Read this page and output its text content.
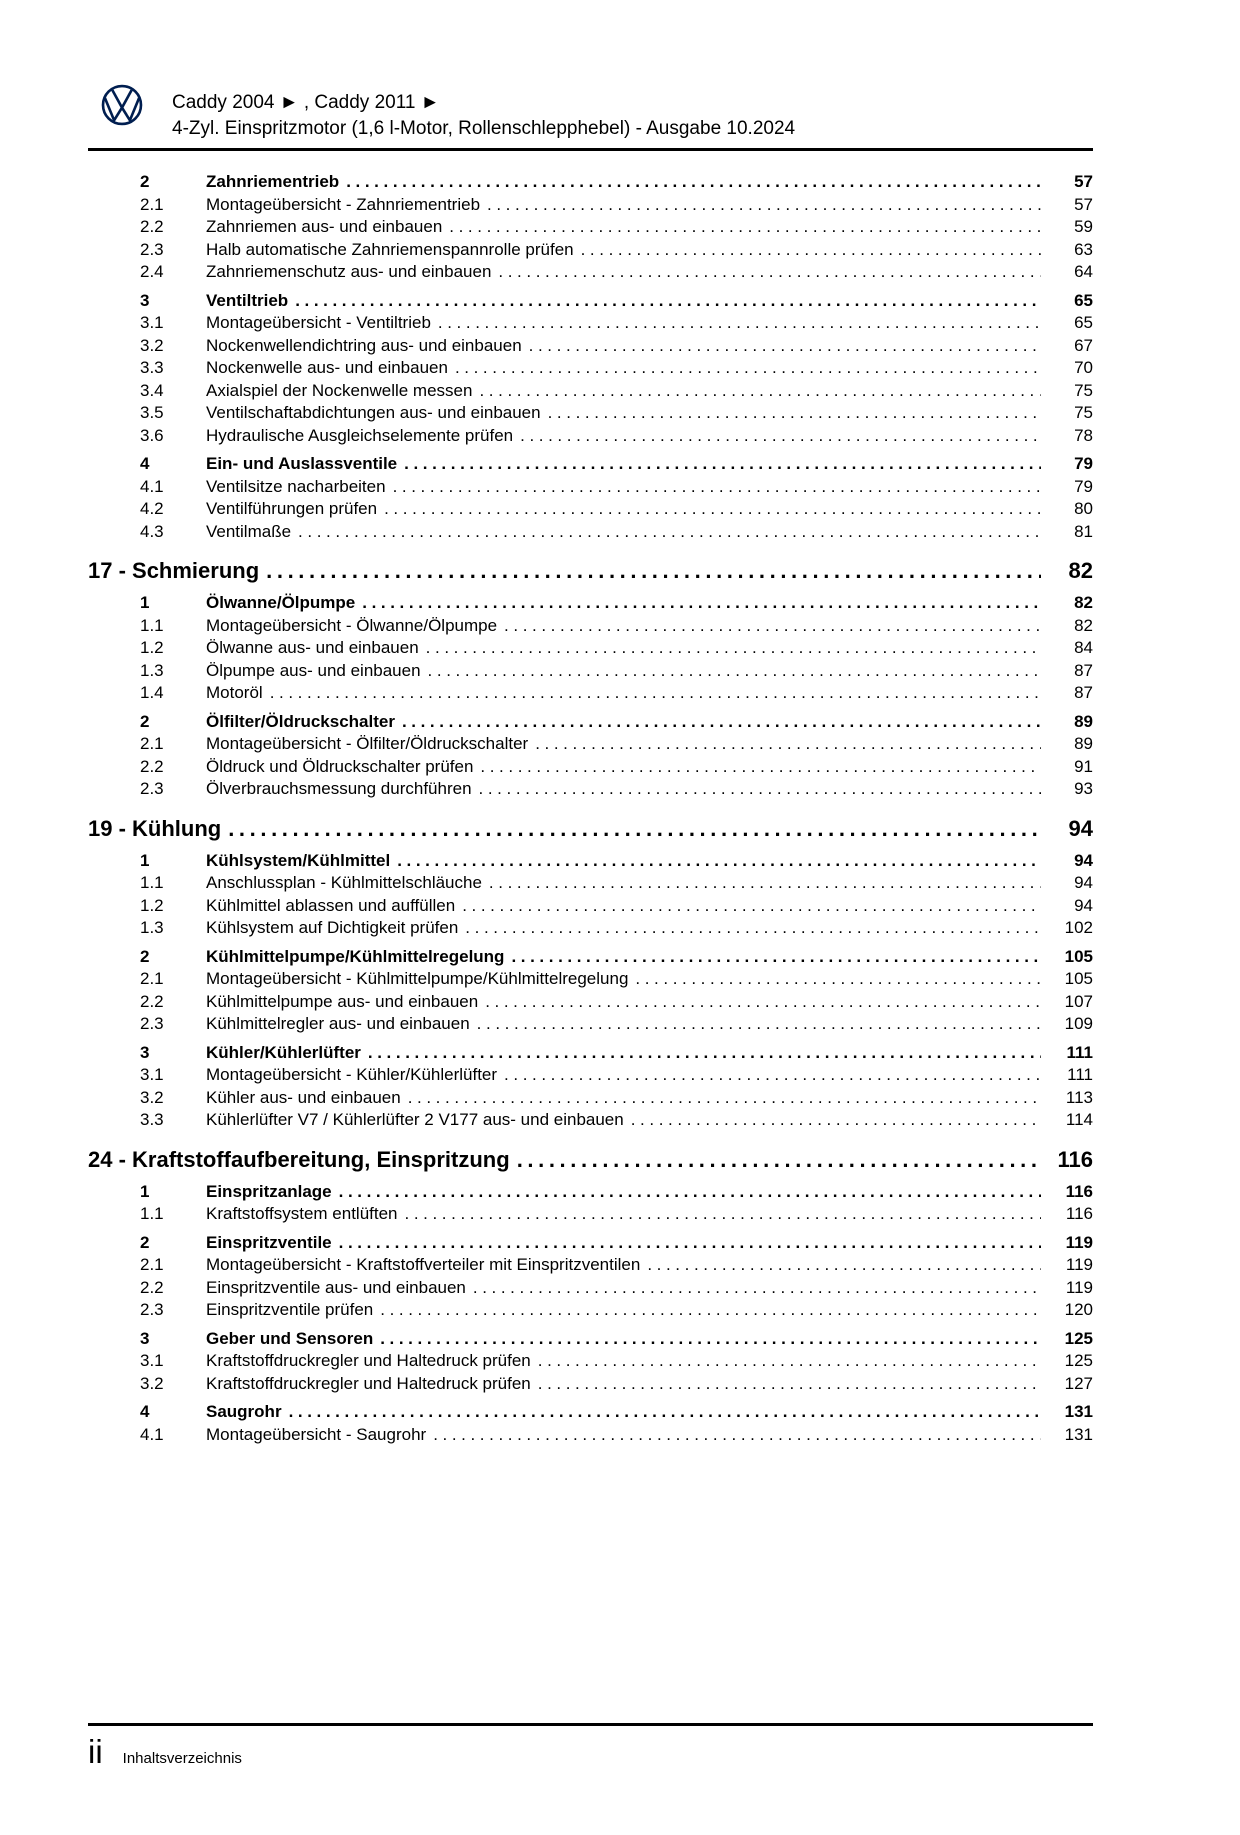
Caddy 2004 ► , Caddy 2011 ►
4-Zyl. Einspritzmotor (1,6 l-Motor, Rollenschlepphebel) - Ausgabe 10.2024
2	Zahnriementrieb .....	57
2.1	Montageübersicht - Zahnriementrieb .....	57
2.2	Zahnriemen aus- und einbauen .....	59
2.3	Halb automatische Zahnriemenspannrolle prüfen .....	63
2.4	Zahnriemenschutz aus- und einbauen .....	64
3	Ventiltrieb .....	65
3.1	Montageübersicht - Ventiltrieb .....	65
3.2	Nockenwellendichtring aus- und einbauen .....	67
3.3	Nockenwelle aus- und einbauen .....	70
3.4	Axialspiel der Nockenwelle messen .....	75
3.5	Ventilschaftabdichtungen aus- und einbauen .....	75
3.6	Hydraulische Ausgleichselemente prüfen .....	78
4	Ein- und Auslassventile .....	79
4.1	Ventilsitze nacharbeiten .....	79
4.2	Ventilführungen prüfen .....	80
4.3	Ventilmaße .....	81
17 - Schmierung .....	82
1	Ölwanne/Ölpumpe .....	82
1.1	Montageübersicht - Ölwanne/Ölpumpe .....	82
1.2	Ölwanne aus- und einbauen .....	84
1.3	Ölpumpe aus- und einbauen .....	87
1.4	Motoröl .....	87
2	Ölfilter/Öldruckschalter .....	89
2.1	Montageübersicht - Ölfilter/Öldruckschalter .....	89
2.2	Öldruck und Öldruckschalter prüfen .....	91
2.3	Ölverbrauchsmessung durchführen .....	93
19 - Kühlung .....	94
1	Kühlsystem/Kühlmittel .....	94
1.1	Anschlussplan - Kühlmittelschläuche .....	94
1.2	Kühlmittel ablassen und auffüllen .....	94
1.3	Kühlsystem auf Dichtigkeit prüfen .....	102
2	Kühlmittelpumpe/Kühlmittelregelung .....	105
2.1	Montageübersicht - Kühlmittelpumpe/Kühlmittelregelung .....	105
2.2	Kühlmittelpumpe aus- und einbauen .....	107
2.3	Kühlmittelregler aus- und einbauen .....	109
3	Kühler/Kühlerlüfter .....	111
3.1	Montageübersicht - Kühler/Kühlerlüfter .....	111
3.2	Kühler aus- und einbauen .....	113
3.3	Kühlerlüfter V7 / Kühlerlüfter 2 V177 aus- und einbauen .....	114
24 - Kraftstoffaufbereitung, Einspritzung .....	116
1	Einspritzanlage .....	116
1.1	Kraftstoffsystem entlüften .....	116
2	Einspritzventile .....	119
2.1	Montageübersicht - Kraftstoffverteiler mit Einspritzventilen .....	119
2.2	Einspritzventile aus- und einbauen .....	119
2.3	Einspritzventile prüfen .....	120
3	Geber und Sensoren .....	125
3.1	Kraftstoffdruckregler und Haltedruck prüfen .....	125
3.2	Kraftstoffdruckregler und Haltedruck prüfen .....	127
4	Saugrohr .....	131
4.1	Montageübersicht - Saugrohr .....	131
ii Inhaltsverzeichnis
